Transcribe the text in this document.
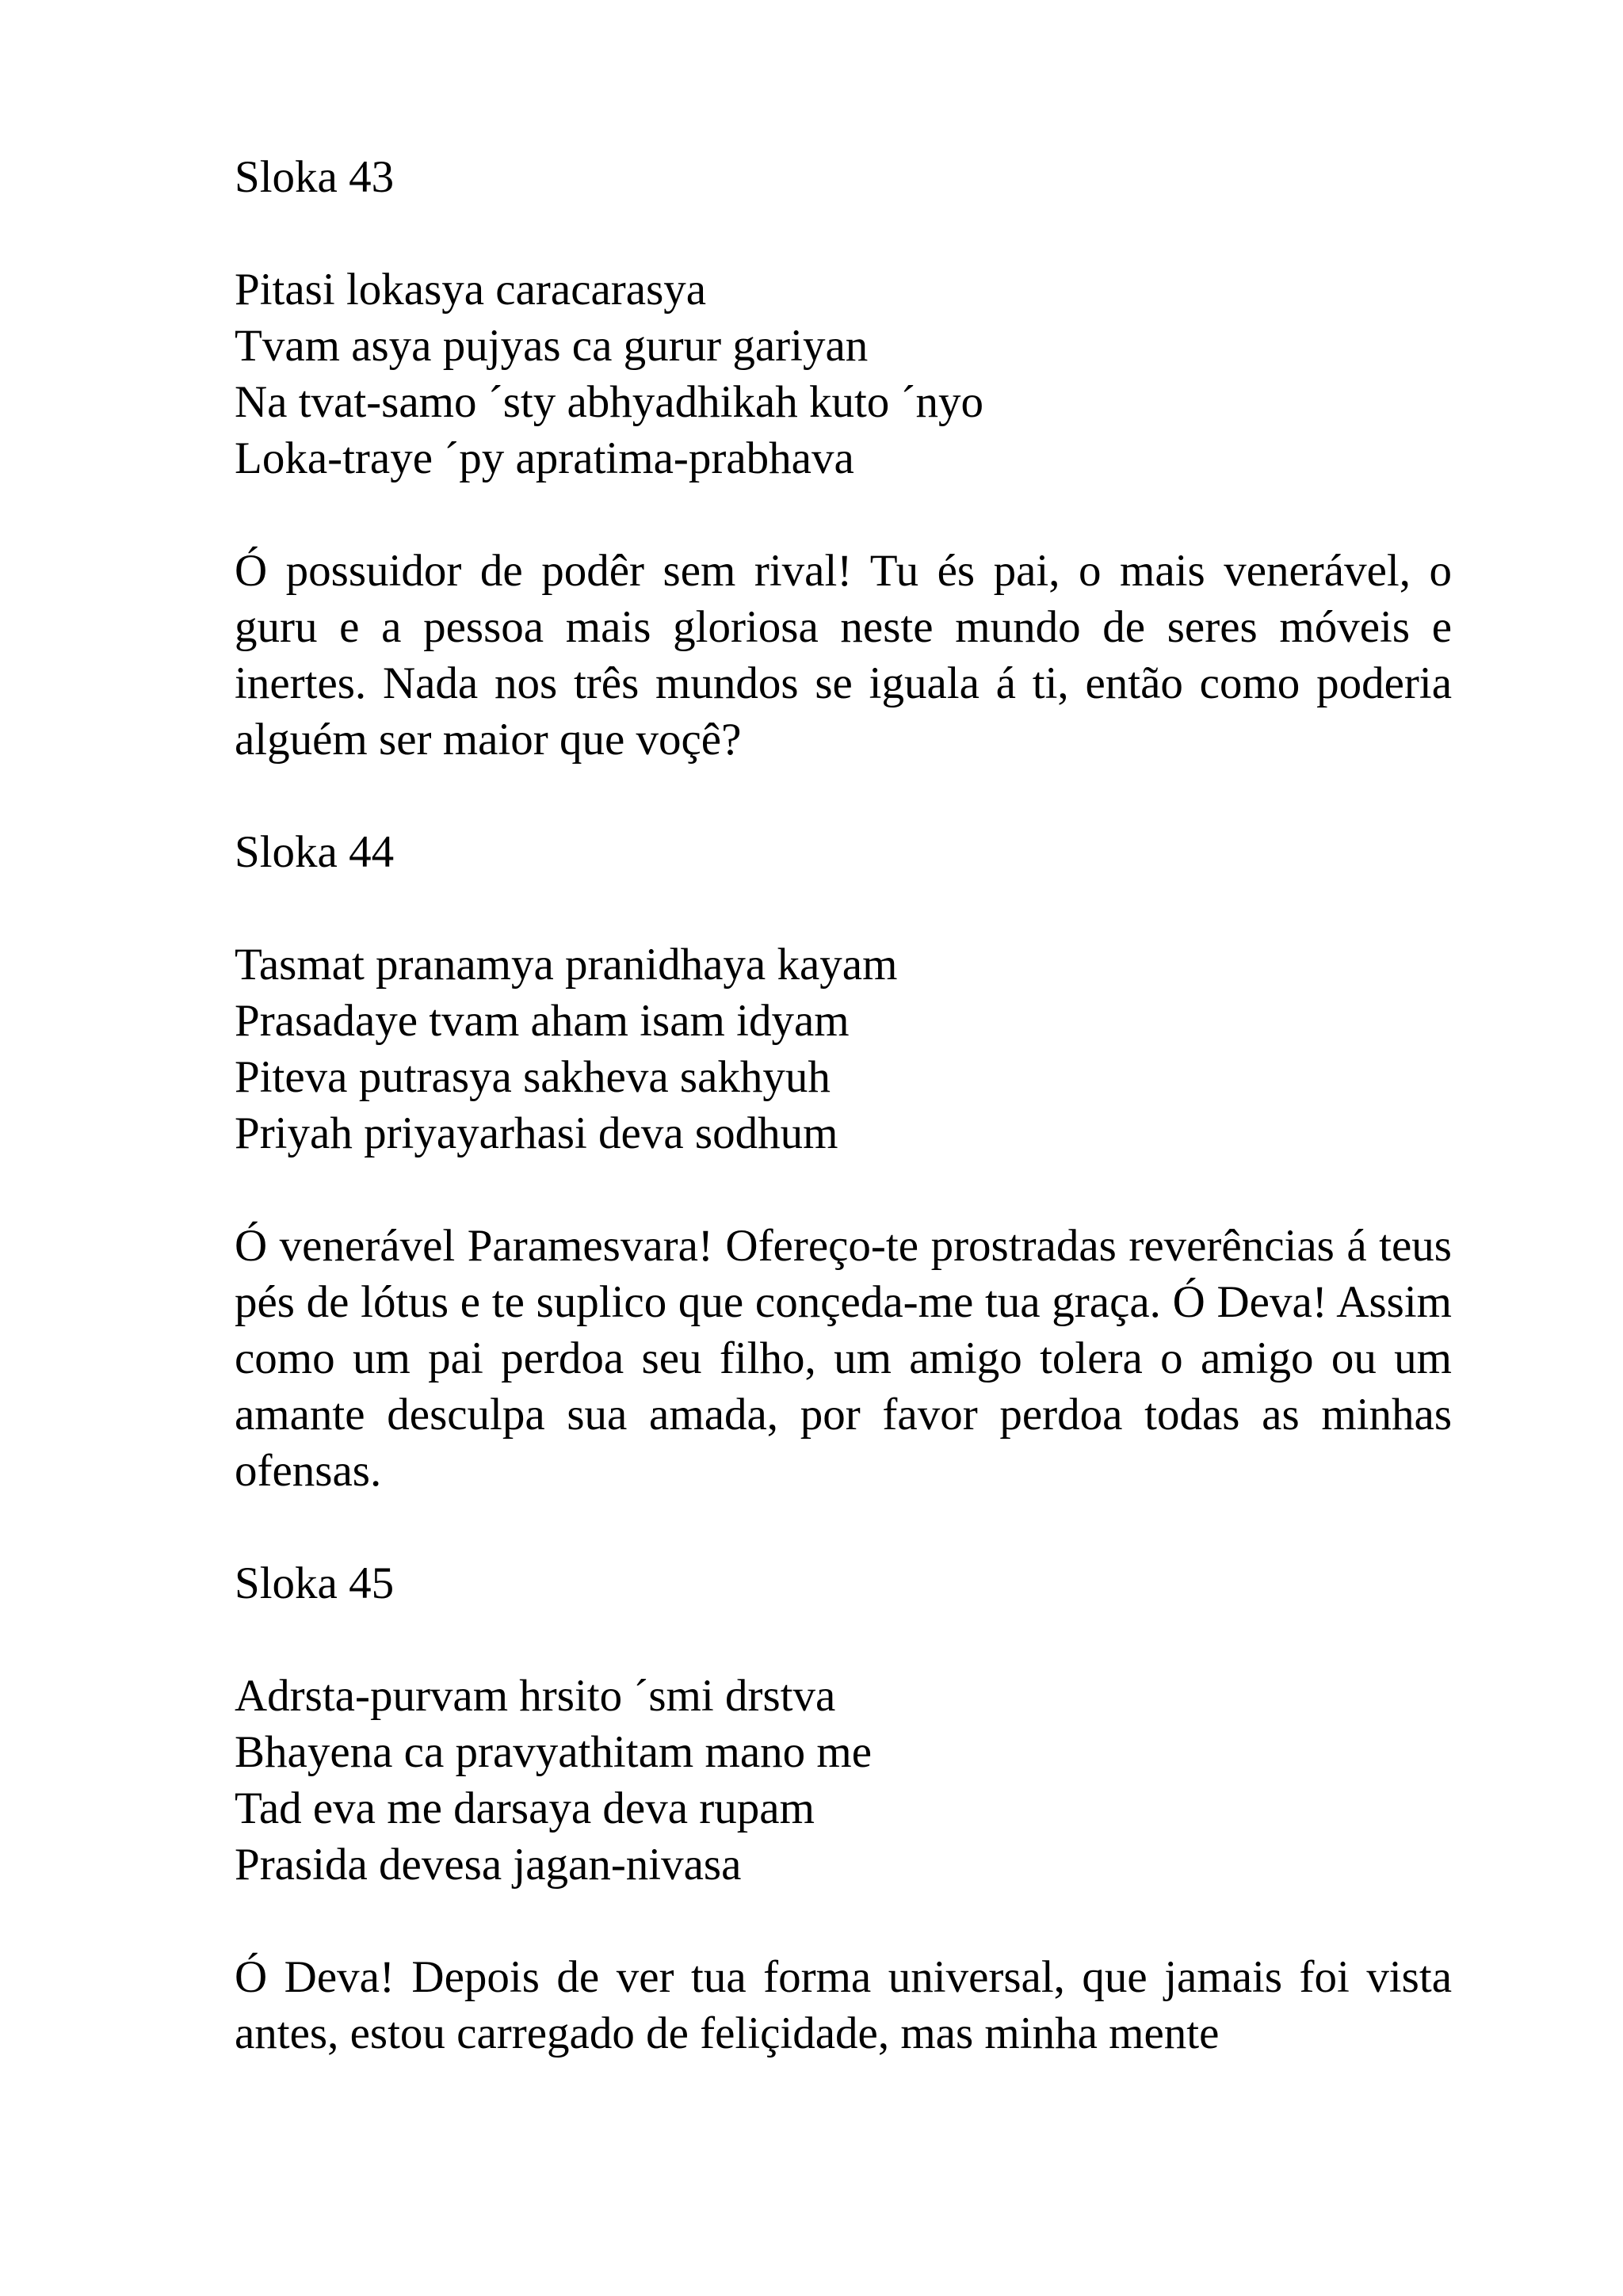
Sloka 43
Pitasi lokasya caracarasya
Tvam asya pujyas ca gurur gariyan
Na tvat-samo ´sty abhyadhikah kuto ´nyo
Loka-traye ´py apratima-prabhava

Ó possuidor de podêr sem rival! Tu és pai, o mais venerável, o guru e a pessoa mais gloriosa neste mundo de seres móveis e inertes. Nada nos três mundos se iguala á ti, então como poderia alguém ser maior que voçê?

Sloka 44
Tasmat pranamya pranidhaya kayam
Prasadaye tvam aham isam idyam
Piteva putrasya sakheva sakhyuh
Priyah priyayarhasi deva sodhum

Ó venerável Paramesvara! Ofereço-te prostradas reverências á teus pés de lótus e te suplico que conçeda-me tua graça. Ó Deva! Assim como um pai perdoa seu filho, um amigo tolera o amigo ou um amante desculpa sua amada, por favor perdoa todas as minhas ofensas.

Sloka 45
Adrsta-purvam hrsito ´smi drstva
Bhayena ca pravyathitam mano me
Tad eva me darsaya deva rupam
Prasida devesa jagan-nivasa

Ó Deva! Depois de ver tua forma universal, que jamais foi vista antes, estou carregado de feliçidade, mas minha mente
